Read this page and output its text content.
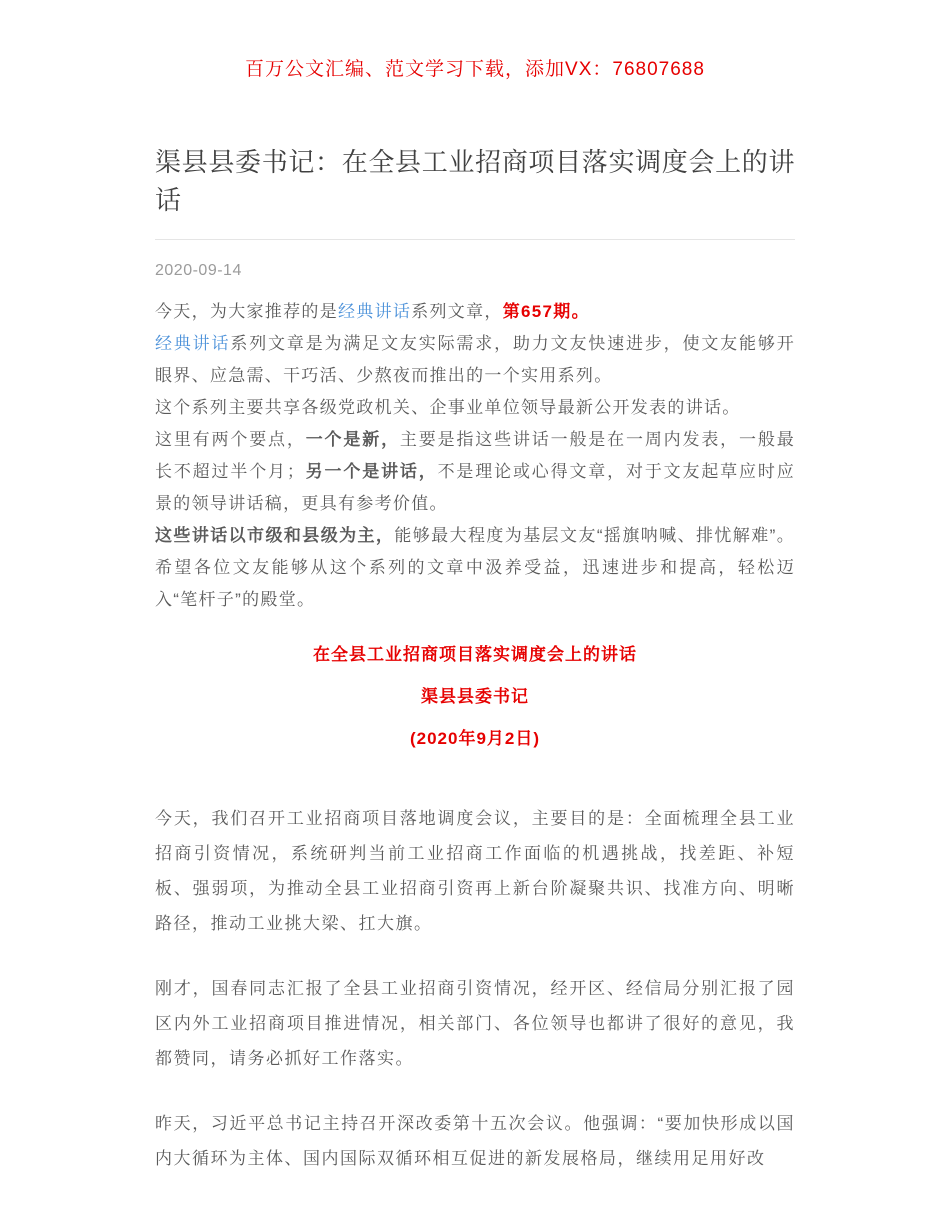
百万公文汇编、范文学习下载，添加VX：76807688
渠县县委书记：在全县工业招商项目落实调度会上的讲话
2020-09-14

今天，为大家推荐的是经典讲话系列文章，第657期。

经典讲话系列文章是为满足文友实际需求，助力文友快速进步，使文友能够开眼界、应急需、干巧活、少熬夜而推出的一个实用系列。

这个系列主要共享各级党政机关、企事业单位领导最新公开发表的讲话。

这里有两个要点，一个是新，主要是指这些讲话一般是在一周内发表，一般最长不超过半个月；另一个是讲话，不是理论或心得文章，对于文友起草应时应景的领导讲话稿，更具有参考价值。

这些讲话以市级和县级为主，能够最大程度为基层文友“摇旗呐喊、排忧解难”。希望各位文友能够从这个系列的文章中汲养受益，迅速进步和提高，轻松迈入“笔杆子”的殿堂。

在全县工业招商项目落实调度会上的讲话
渠县县委书记
(2020年9月2日)

今天，我们召开工业招商项目落地调度会议，主要目的是：全面梳理全县工业招商引资情况，系统研判当前工业招商工作面临的机遇挑战，找差距、补短板、强弱项，为推动全县工业招商引资再上新台阶凝聚共识、找准方向、明晰路径，推动工业挑大梁、扛大旗。

刚才，国春同志汇报了全县工业招商引资情况，经开区、经信局分别汇报了园区内外工业招商项目推进情况，相关部门、各位领导也都讲了很好的意见，我都赞同，请务必抓好工作落实。

昨天，习近平总书记主持召开深改委第十五次会议。他强调：“要加快形成以国内大循环为主体、国内国际双循环相互促进的新发展格局，继续用足用好改
